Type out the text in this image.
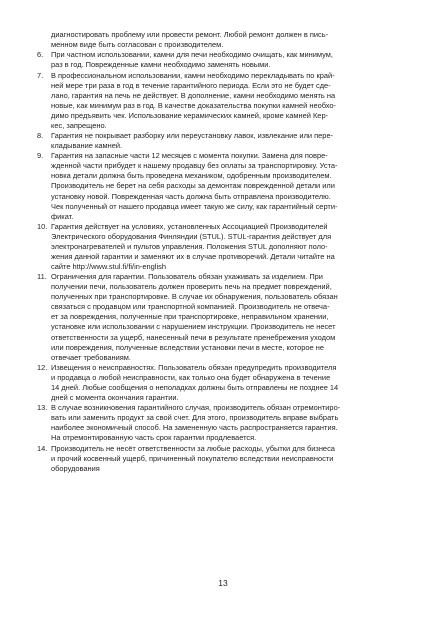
диагностировать проблему или провести ремонт. Любой ремонт должен в пись-
менном виде быть согласован с производителем.
6.	При частном использовании, камни для печи необходимо очищать, как минимум,
раз в год. Поврежденные камни необходимо заменять новыми.
7.	В профессиональном использовании, камни необходимо перекладывать по край-
ней мере три раза в год в течение гарантийного периода. Если это не будет сде-
лано, гарантия на печь не действует. В дополнение, камни необходимо менять на
новые, как минимум раз в год. В качестве доказательства покупки камней необхо-
димо предъявить чек. Использование керамических камней, кроме камней Кер-
кес, запрещено.
8.	Гарантия не покрывает разборку или переустановку лавок, извлекание или пере-
кладывание камней.
9.	Гарантия на запасные части 12 месяцев с момента покупки. Замена для повре-
жденной части прибудет к нашему продавцу без оплаты за транспортировку. Уста-
новка детали должна быть проведена механиком, одобренным производителем.
Производитель не берет на себя расходы за демонтаж поврежденной детали или
установку новой. Поврежденная часть должна быть отправлена производителю.
Чек полученный от нашего продавца имеет такую же силу, как гарантийный серти-
фикат.
10. Гарантия действует на условиях, установленных Ассоциацией Производителей
Электрического оборудования Финляндии (STUL). STUL-гарантия действует для
электронагревателей и пультов управления. Положения STUL дополняют поло-
жения данной гарантии и заменяют их в случае противоречий. Детали читайте на
сайте http://www.stul.fi/fi/in-english
11. Ограничения для гарантии. Пользователь обязан ухаживать за изделием. При
получении печи, пользователь должен проверить печь на предмет повреждений,
полученных при транспортировке. В случае их обнаружения, пользователь обязан
связаться с продавцом или транспортной компанией. Производитель не отвеча-
ет за повреждения, полученные при транспортировке, неправильном хранении,
установке или использовании с нарушением инструкции. Производитель не несет
ответственности за ущерб, нанесенный печи в результате пренебрежения уходом
или повреждения, полученные вследствии установки печи в месте, которое не
отвечает требованиям.
12. Извещения о неисправностях. Пользователь обязан предупредить производителя
и продавца о любой неисправности, как только она будет обнаружена в течение
14 дней. Любые сообщения о неполадках должны быть отправлены не позднее 14
дней с момента окончания гарантии.
13. В случае возникновения гарантийного случая, производитель обязан отремонтиро-
вать или заменить продукт за свой счет. Для этого, производитель вправе выбрать
наиболее экономичный способ. На замененную часть распространяется гарантия.
На отремонтированную часть срок гарантии продлевается.
14. Производитель не несёт ответственности за любые расходы, убытки для бизнеса
и прочий косвенный ущерб, причиненный покупателю вследствии неисправности
оборудования
13
